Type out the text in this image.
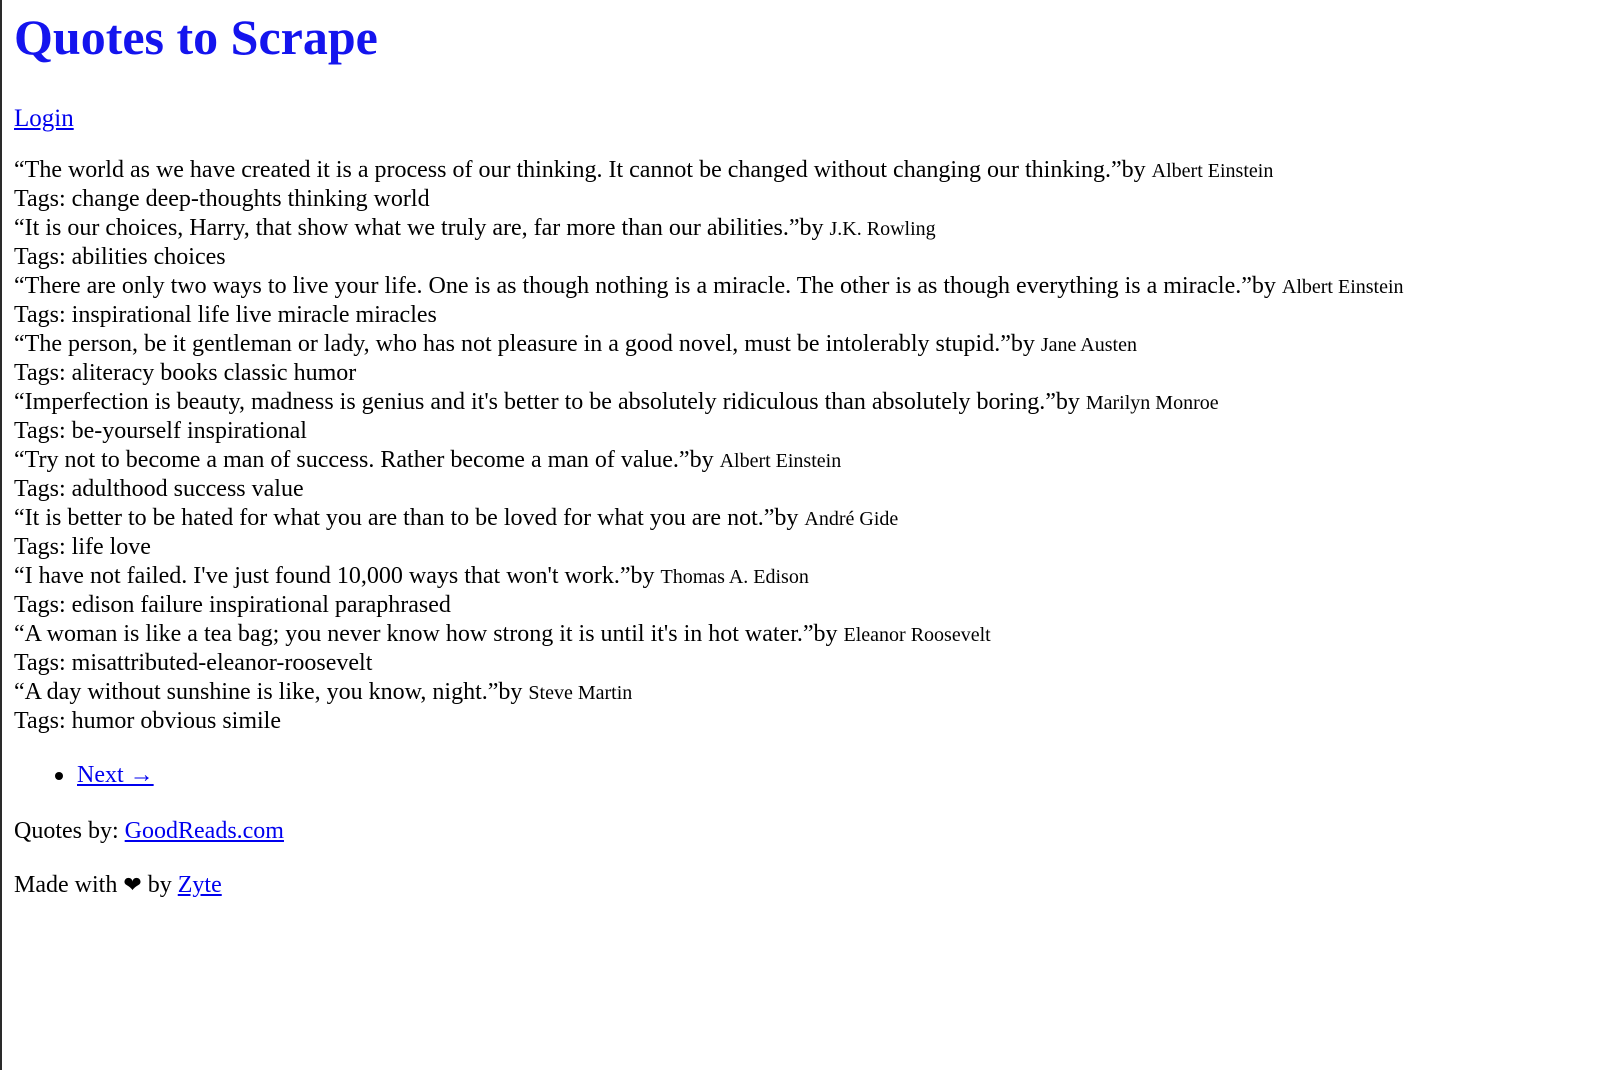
Quotes to Scrape
Login
“The world as we have created it is a process of our thinking. It cannot be changed without changing our thinking.”by Albert Einstein
Tags: change deep-thoughts thinking world
“It is our choices, Harry, that show what we truly are, far more than our abilities.”by J.K. Rowling
Tags: abilities choices
“There are only two ways to live your life. One is as though nothing is a miracle. The other is as though everything is a miracle.”by Albert Einstein
Tags: inspirational life live miracle miracles
“The person, be it gentleman or lady, who has not pleasure in a good novel, must be intolerably stupid.”by Jane Austen
Tags: aliteracy books classic humor
“Imperfection is beauty, madness is genius and it's better to be absolutely ridiculous than absolutely boring.”by Marilyn Monroe
Tags: be-yourself inspirational
“Try not to become a man of success. Rather become a man of value.”by Albert Einstein
Tags: adulthood success value
“It is better to be hated for what you are than to be loved for what you are not.”by André Gide
Tags: life love
“I have not failed. I've just found 10,000 ways that won't work.”by Thomas A. Edison
Tags: edison failure inspirational paraphrased
“A woman is like a tea bag; you never know how strong it is until it's in hot water.”by Eleanor Roosevelt
Tags: misattributed-eleanor-roosevelt
“A day without sunshine is like, you know, night.”by Steve Martin
Tags: humor obvious simile
Next →
Quotes by: GoodReads.com
Made with ❤ by Zyte
